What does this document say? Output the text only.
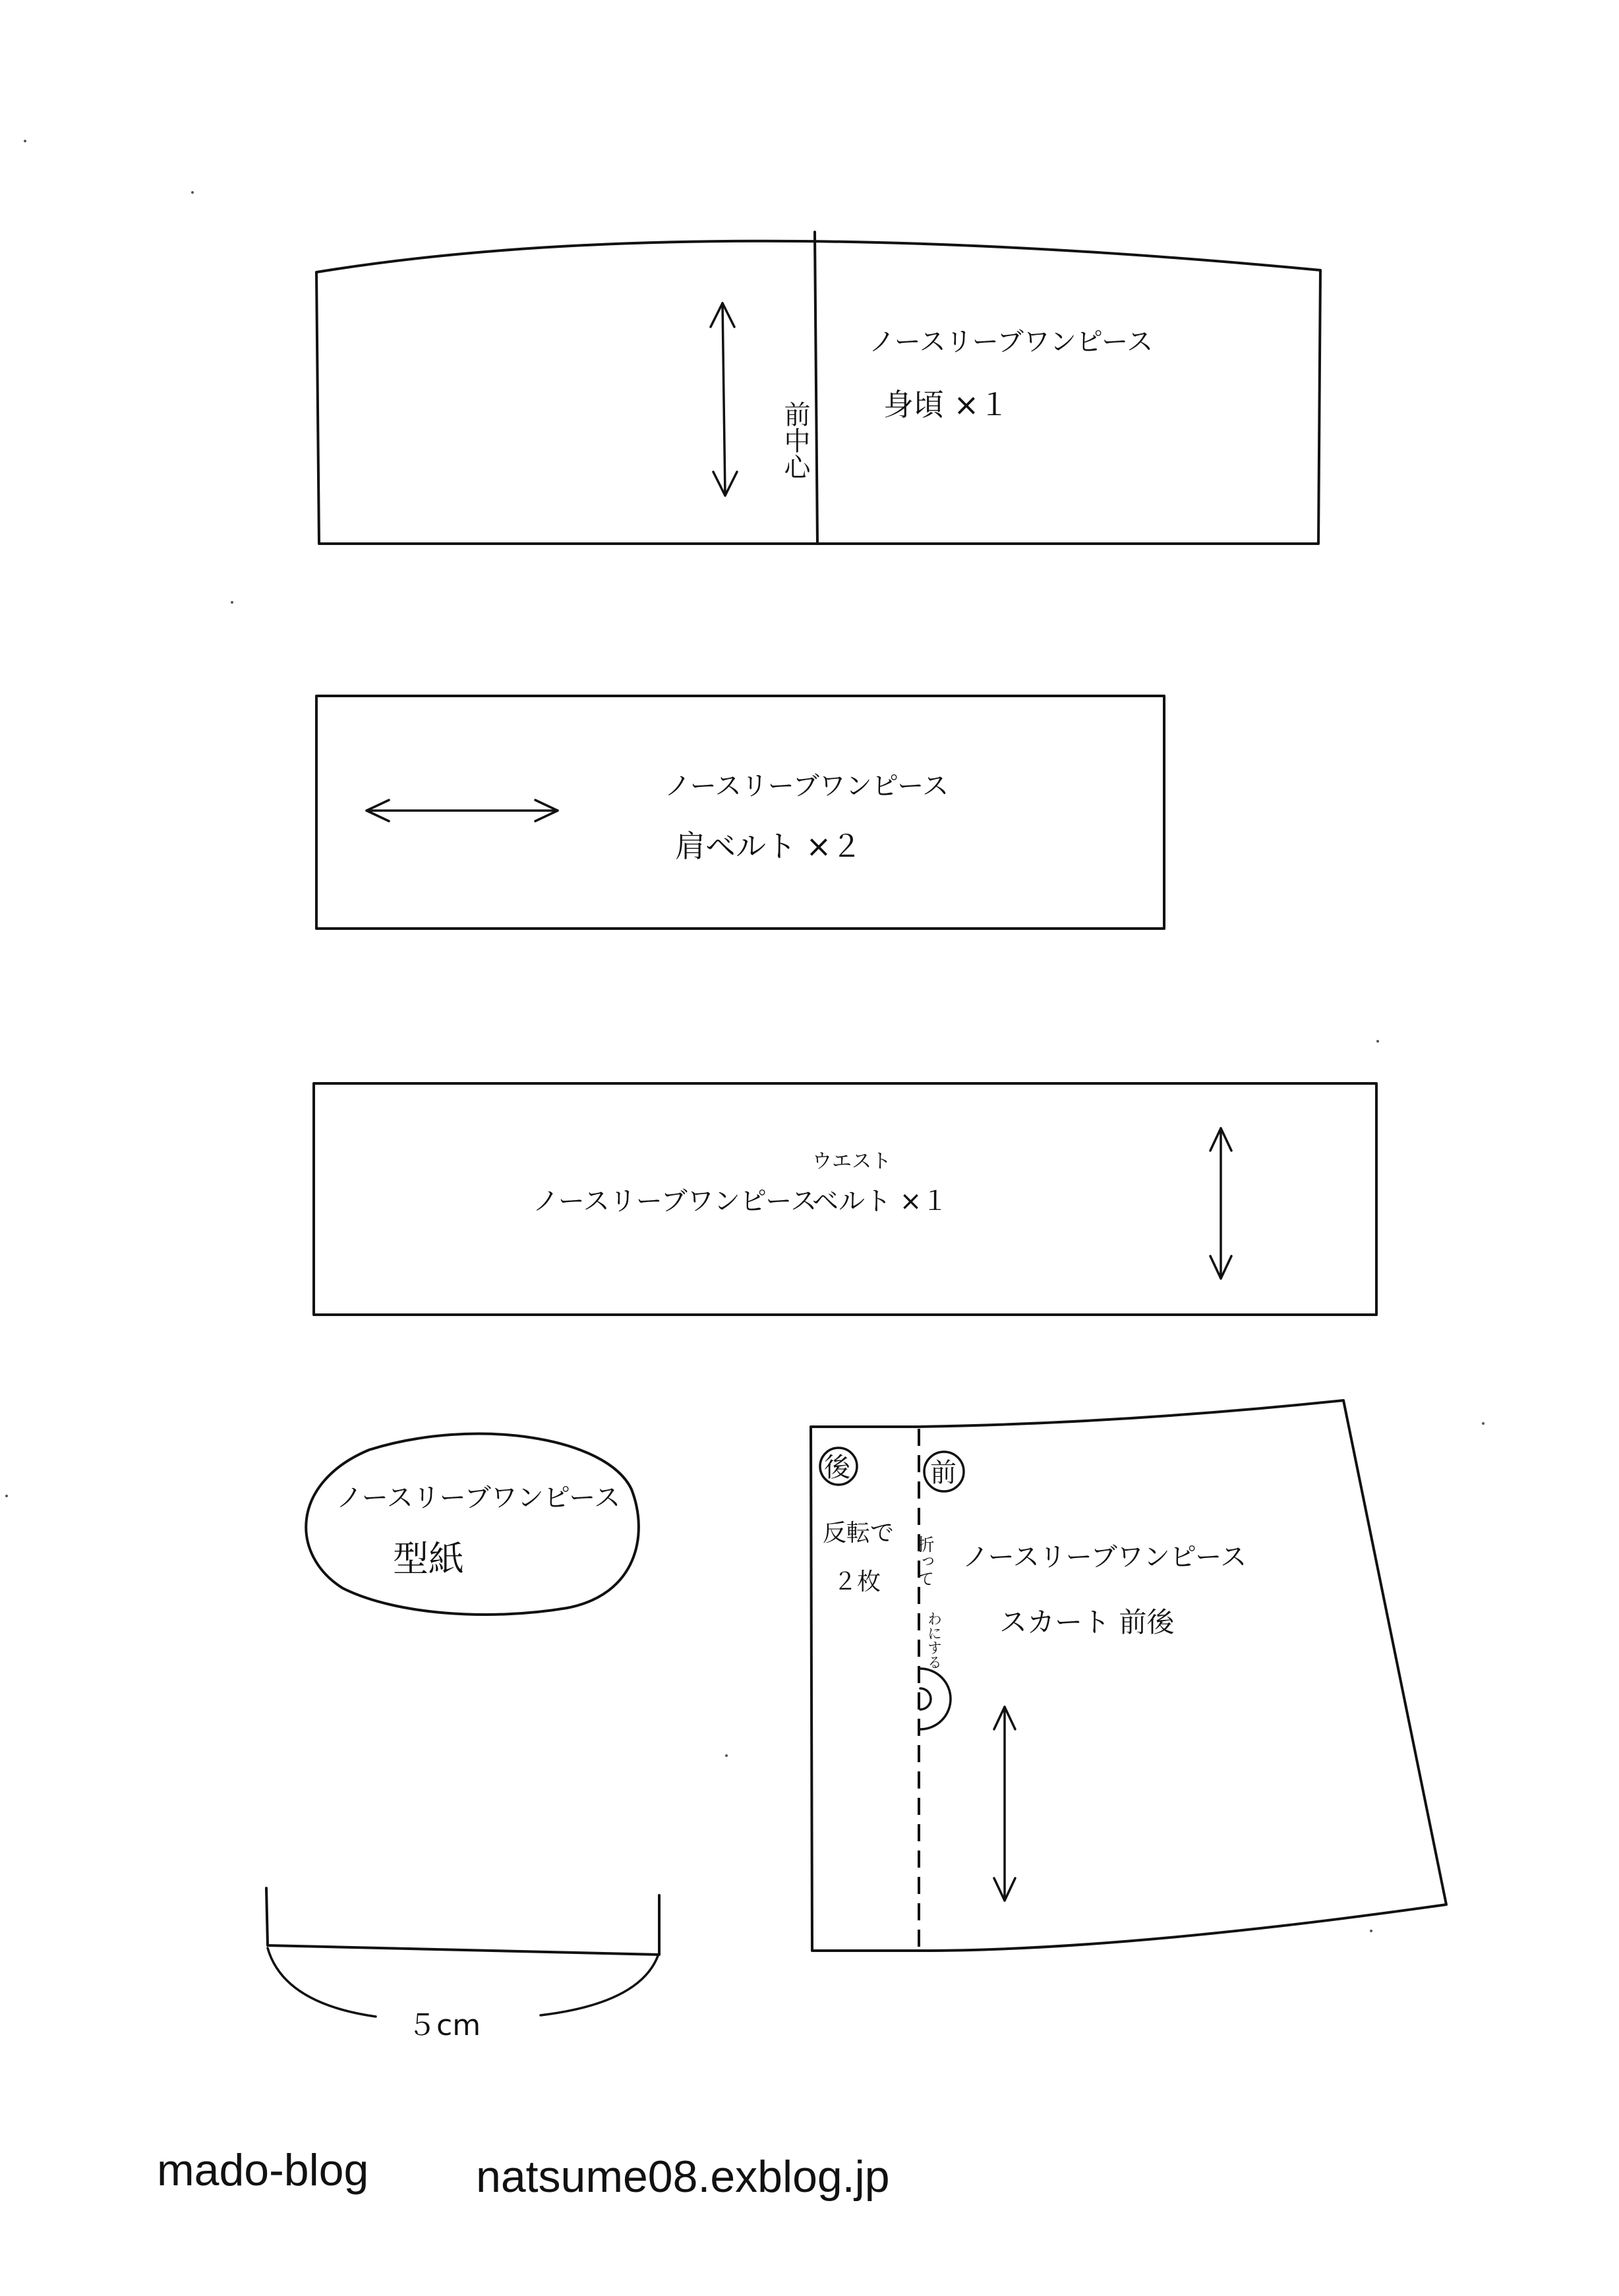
前中心
ノースリーブワンピース
身頃 ×１
ノースリーブワンピース
肩ベルト ×２
ウエスト
ノースリーブワンピース
ベルト ×１
ノースリーブワンピース
型紙
後	前
反転で
２枚 折って
わにする
ノースリーブワンピース
スカート 前後
５cm
mado-blog natsume08.exblog.jp
